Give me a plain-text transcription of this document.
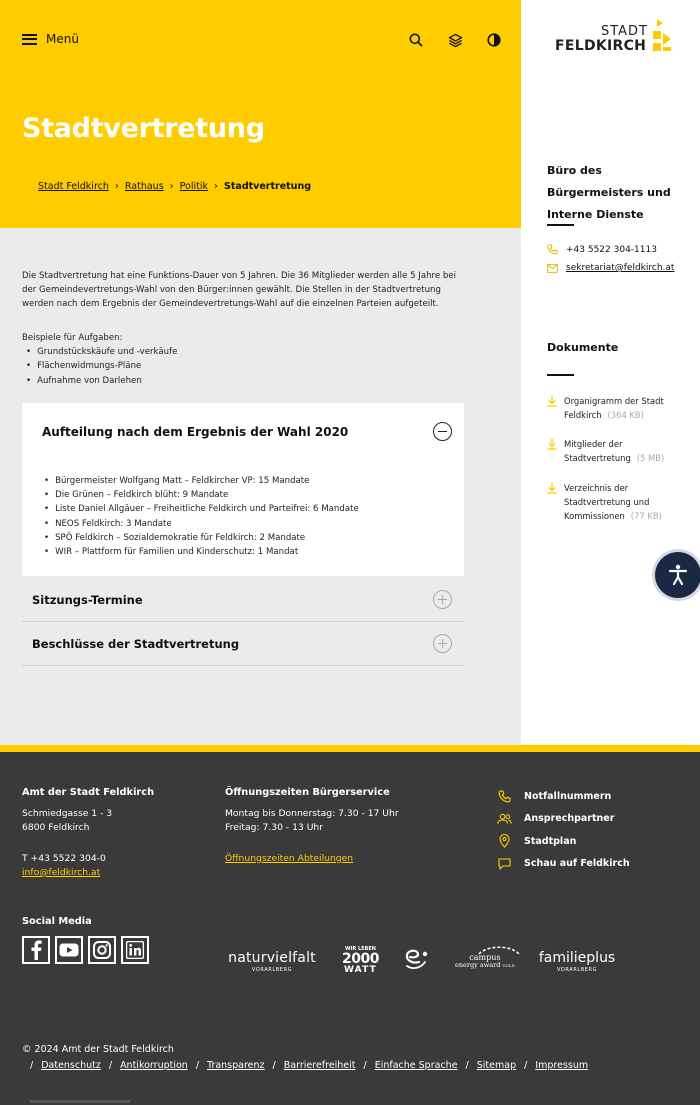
Menü
Stadtvertretung
Stadt Feldkirch › Rathaus › Politik › Stadtvertretung

Die Stadtvertretung hat eine Funktions-Dauer von 5 Jahren. Die 36 Mitglieder werden alle 5 Jahre bei der Gemeindevertretungs-Wahl von den Bürger:innen gewählt. Die Stellen in der Stadtvertretung werden nach dem Ergebnis der Gemeindevertretungs-Wahl auf die einzelnen Parteien aufgeteilt.

Beispiele für Aufgaben:
• Grundstückskäufe und -verkäufe
• Flächenwidmungs-Pläne
• Aufnahme von Darlehen
Aufteilung nach dem Ergebnis der Wahl 2020
• Bürgermeister Wolfgang Matt – Feldkircher VP: 15 Mandate
• Die Grünen – Feldkirch blüht: 9 Mandate
• Liste Daniel Allgäuer – Freiheitliche Feldkirch und Parteifrei: 6 Mandate
• NEOS Feldkirch: 3 Mandate
• SPÖ Feldkirch – Sozialdemokratie für Feldkirch: 2 Mandate
• WIR – Plattform für Familien und Kinderschutz: 1 Mandat
Sitzungs-Termine
Beschlüsse der Stadtvertretung
STADT
FELDKIRCH
Büro des Bürgermeisters und Interne Dienste
+43 5522 304-1113
sekretariat@feldkirch.at
Dokumente
Organigramm der Stadt Feldkirch (364 KB)
Mitglieder der Stadtvertretung (5 MB)
Verzeichnis der Stadtvertretung und Kommissionen (77 KB)
Amt der Stadt Feldkirch
Schmiedgasse 1 - 3
6800 Feldkirch
T +43 5522 304-0
info@feldkirch.at
Öffnungszeiten Bürgerservice
Montag bis Donnerstag: 7.30 - 17 Uhr
Freitag: 7.30 - 13 Uhr
Öffnungszeiten Abteilungen
Notfallnummern
Ansprechpartner
Stadtplan
Schau auf Feldkirch
Social Media
naturvielfalt
VORARLBERG
WIR LEBEN
2000
WATT
campus
energy award GOLD familieplus
VORARLBERG
© 2024 Amt der Stadt Feldkirch
/ Datenschutz / Antikorruption / Transparenz / Barrierefreiheit / Einfache Sprache / Sitemap / Impressum
